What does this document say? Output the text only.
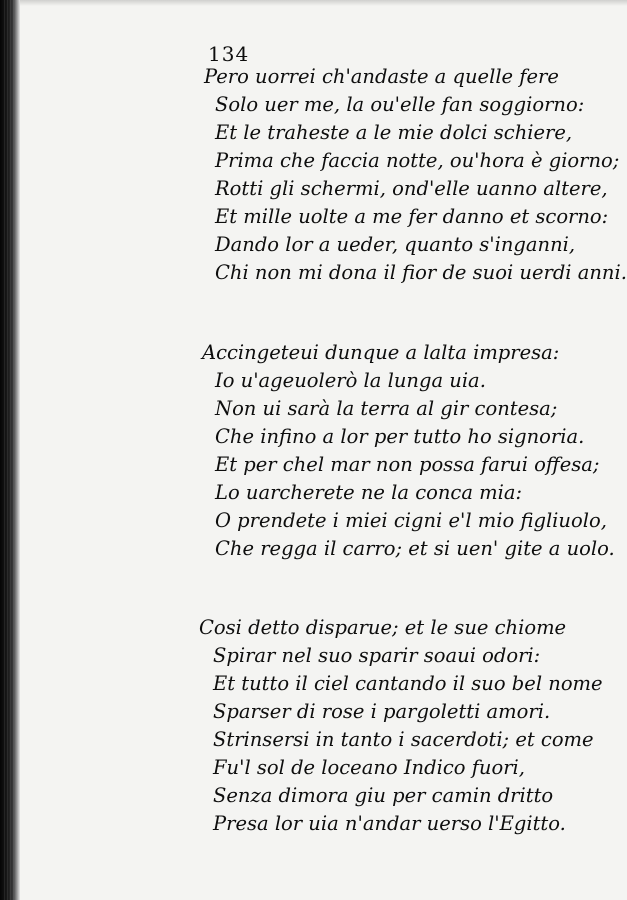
134
Pero uorrei ch'andaste a quelle fere
Solo uer me, la ou'elle fan soggiorno:
Et le traheste a le mie dolci schiere,
Prima che faccia notte, ou'hora è giorno;
Rotti gli schermi, ond'elle uanno altere,
Et mille uolte a me fer danno et scorno:
Dando lor a ueder, quanto s'inganni,
Chi non mi dona il fior de suoi uerdi anni.
Accingeteui dunque a lalta impresa:
Io u'ageuolerò la lunga uia.
Non ui sarà la terra al gir contesa;
Che infino a lor per tutto ho signoria.
Et per chel mar non possa farui offesa;
Lo uarcherete ne la conca mia:
O prendete i miei cigni e'l mio figliuolo,
Che regga il carro; et si uen' gite a uolo.
Cosi detto disparue; et le sue chiome
Spirar nel suo sparir soaui odori:
Et tutto il ciel cantando il suo bel nome
Sparser di rose i pargoletti amori.
Strinsersi in tanto i sacerdoti; et come
Fu'l sol de loceano Indico fuori,
Senza dimora giu per camin dritto
Presa lor uia n'andar uerso l'Egitto.
